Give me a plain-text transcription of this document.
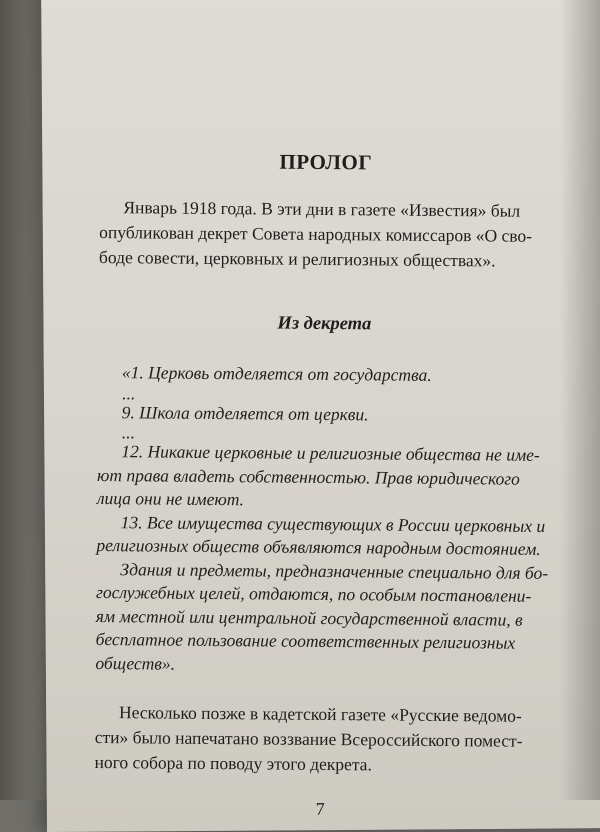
ПРОЛОГ

Январь 1918 года. В эти дни в газете «Известия» был
опубликован декрет Совета народных комиссаров «О сво-
боде совести, церковных и религиозных обществах».

Из декрета
«1. Церковь отделяется от государства.
...
9. Школа отделяется от церкви.
...
12. Никакие церковные и религиозные общества не име-
ют права владеть собственностью. Прав юридического
лица они не имеют.
13. Все имущества существующих в России церковных и
религиозных обществ объявляются народным достоянием.
Здания и предметы, предназначенные специально для бо-
гослужебных целей, отдаются, по особым постановлени-
ям местной или центральной государственной власти, в
бесплатное пользование соответственных религиозных
обществ».

Несколько позже в кадетской газете «Русские ведомо-
сти» было напечатано воззвание Всероссийского помест-
ного собора по поводу этого декрета.

7
